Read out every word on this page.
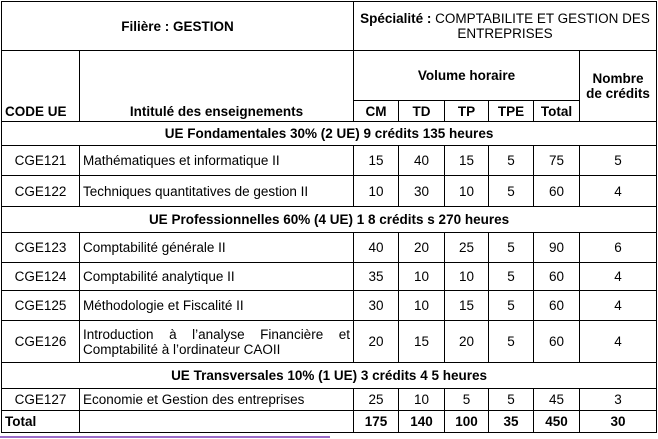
Filière : GESTION		Spécialité : COMPTABILITE ET GESTION DES ENTREPRISES					
CODE UE	Intitulé des enseignements	Volume horaire					Nombre de crédits
		CM	TD	TP	TPE	Total	
UE Fondamentales 30% (2 UE) 9 crédits 135 heures							
CGE121	Mathématiques et informatique II	15	40	15	5	75	5
CGE122	Techniques quantitatives de gestion II	10	30	10	5	60	4
UE Professionnelles 60% (4 UE) 1 8 crédits s 270 heures							
CGE123	Comptabilité générale II	40	20	25	5	90	6
CGE124	Comptabilité analytique II	35	10	10	5	60	4
CGE125	Méthodologie et Fiscalité II	30	10	15	5	60	4
CGE126	Introduction à l’analyse Financière et
Comptabilité à l’ordinateur CAOII	20	15	20	5	60	4
UE Transversales 10% (1 UE) 3 crédits 4 5 heures							
CGE127	Economie et Gestion des entreprises	25	10	5	5	45	3
Total		175	140	100	35	450	30
